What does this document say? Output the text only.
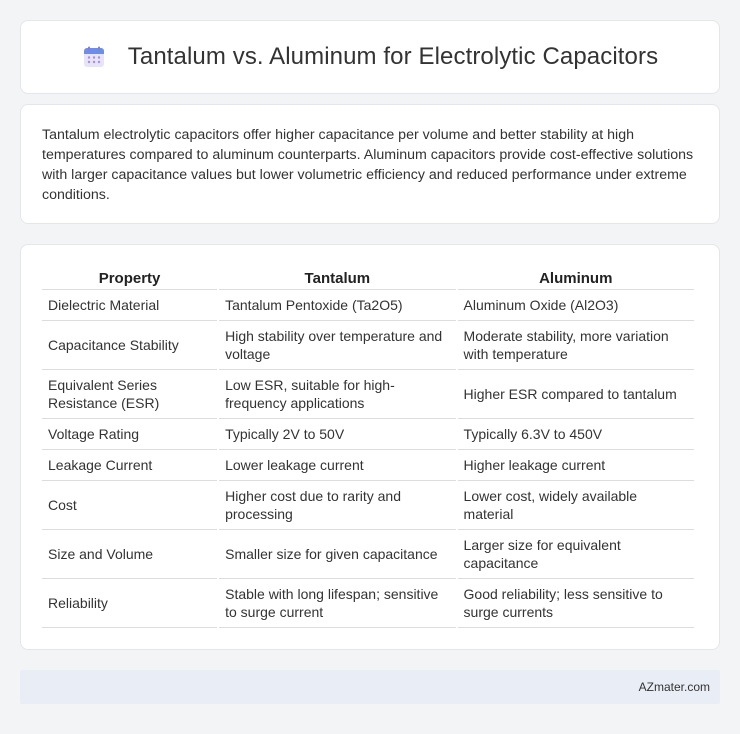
Tantalum vs. Aluminum for Electrolytic Capacitors

Tantalum electrolytic capacitors offer higher capacitance per volume and better stability at high temperatures compared to aluminum counterparts. Aluminum capacitors provide cost-effective solutions with larger capacitance values but lower volumetric efficiency and reduced performance under extreme conditions.

Property	Tantalum	Aluminum
Dielectric Material	Tantalum Pentoxide (Ta2O5)	Aluminum Oxide (Al2O3)
Capacitance Stability	High stability over temperature and voltage	Moderate stability, more variation with temperature
Equivalent Series Resistance (ESR)	Low ESR, suitable for high-frequency applications	Higher ESR compared to tantalum
Voltage Rating	Typically 2V to 50V	Typically 6.3V to 450V
Leakage Current	Lower leakage current	Higher leakage current
Cost	Higher cost due to rarity and processing	Lower cost, widely available material
Size and Volume	Smaller size for given capacitance	Larger size for equivalent capacitance
Reliability	Stable with long lifespan; sensitive to surge current	Good reliability; less sensitive to surge currents
AZmater.com
